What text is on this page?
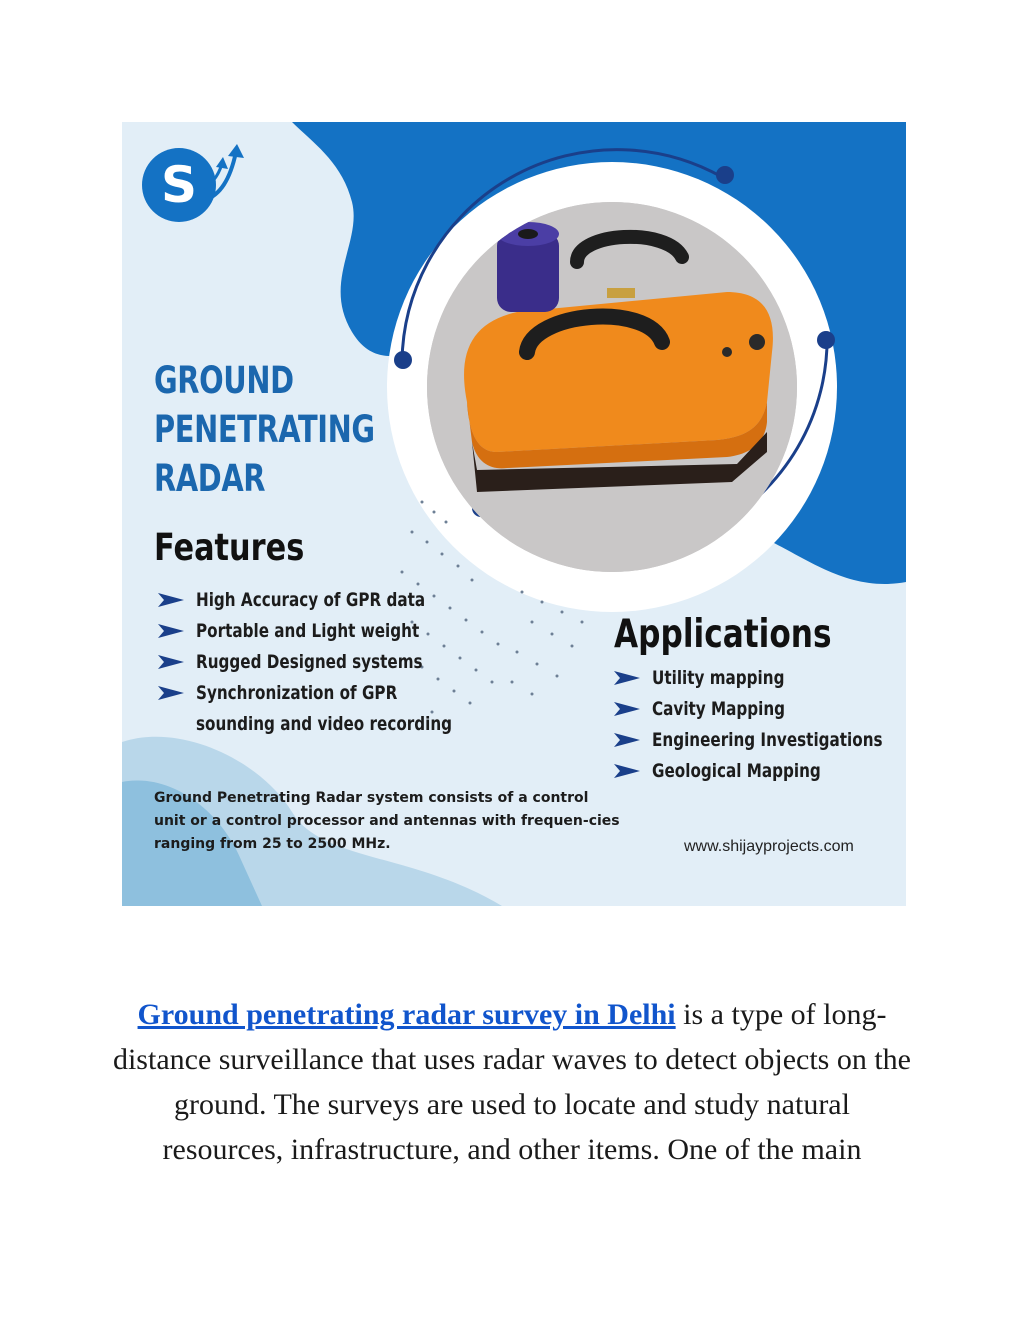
S
GROUND
PENETRATING
RADAR
Features
High Accuracy of GPR data
Portable and Light weight
Rugged Designed systems
Synchronization of GPR
sounding and video recording
Applications
Utility mapping
Cavity Mapping
Engineering Investigations
Geological Mapping
Ground Penetrating Radar system consists of a control unit or a control processor and antennas with frequen-cies ranging from 25 to 2500 MHz.	www.shijayprojects.com

Ground penetrating radar survey in Delhi is a type of long-distance surveillance that uses radar waves to detect objects on the ground. The surveys are used to locate and study natural resources, infrastructure, and other items. One of the main
